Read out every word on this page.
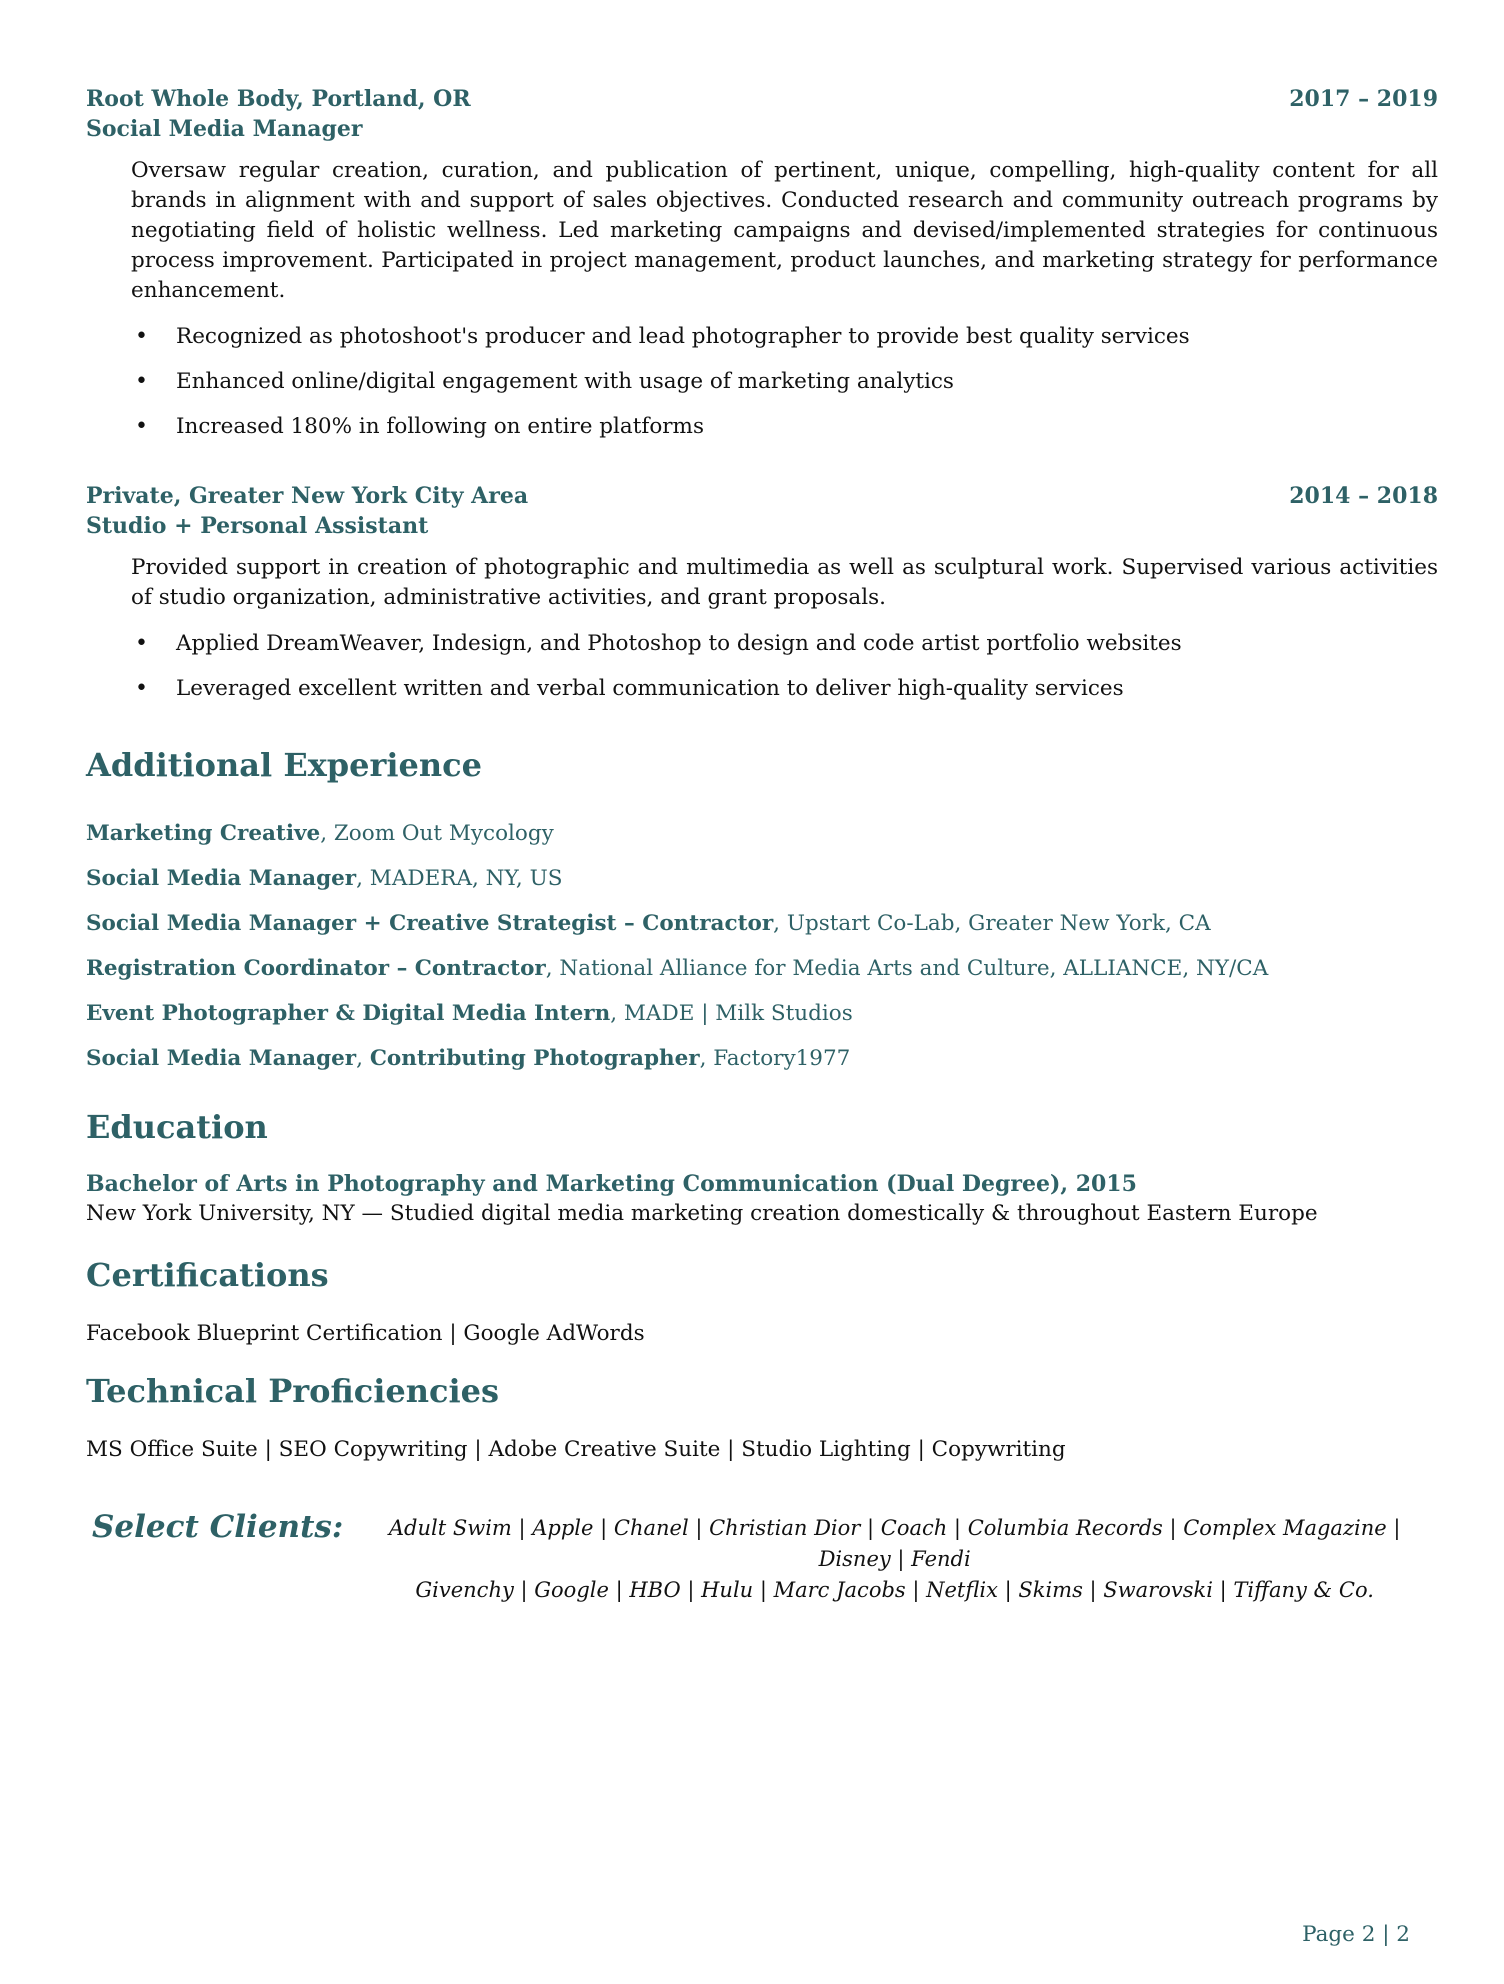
Root Whole Body, Portland, OR	2017 – 2019
Social Media Manager
Oversaw regular creation, curation, and publication of pertinent, unique, compelling, high-quality content for all brands in alignment with and support of sales objectives. Conducted research and community outreach programs by negotiating field of holistic wellness. Led marketing campaigns and devised/implemented strategies for continuous process improvement. Participated in project management, product launches, and marketing strategy for performance enhancement.
• Recognized as photoshoot's producer and lead photographer to provide best quality services
• Enhanced online/digital engagement with usage of marketing analytics
• Increased 180% in following on entire platforms
Private, Greater New York City Area	2014 – 2018
Studio + Personal Assistant
Provided support in creation of photographic and multimedia as well as sculptural work. Supervised various activities of studio organization, administrative activities, and grant proposals.
• Applied DreamWeaver, Indesign, and Photoshop to design and code artist portfolio websites
• Leveraged excellent written and verbal communication to deliver high-quality services
Additional Experience
Marketing Creative, Zoom Out Mycology
Social Media Manager, MADERA, NY, US
Social Media Manager + Creative Strategist – Contractor, Upstart Co-Lab, Greater New York, CA
Registration Coordinator – Contractor, National Alliance for Media Arts and Culture, ALLIANCE, NY/CA
Event Photographer & Digital Media Intern, MADE | Milk Studios
Social Media Manager, Contributing Photographer, Factory1977
Education
Bachelor of Arts in Photography and Marketing Communication (Dual Degree), 2015
New York University, NY — Studied digital media marketing creation domestically & throughout Eastern Europe
Certifications
Facebook Blueprint Certification | Google AdWords
Technical Proficiencies
MS Office Suite | SEO Copywriting | Adobe Creative Suite | Studio Lighting | Copywriting
Select Clients:	Adult Swim | Apple | Chanel | Christian Dior | Coach | Columbia Records | Complex Magazine | Disney | Fendi
Givenchy | Google | HBO | Hulu | Marc Jacobs | Netflix | Skims | Swarovski | Tiffany & Co.
Page 2 | 2
